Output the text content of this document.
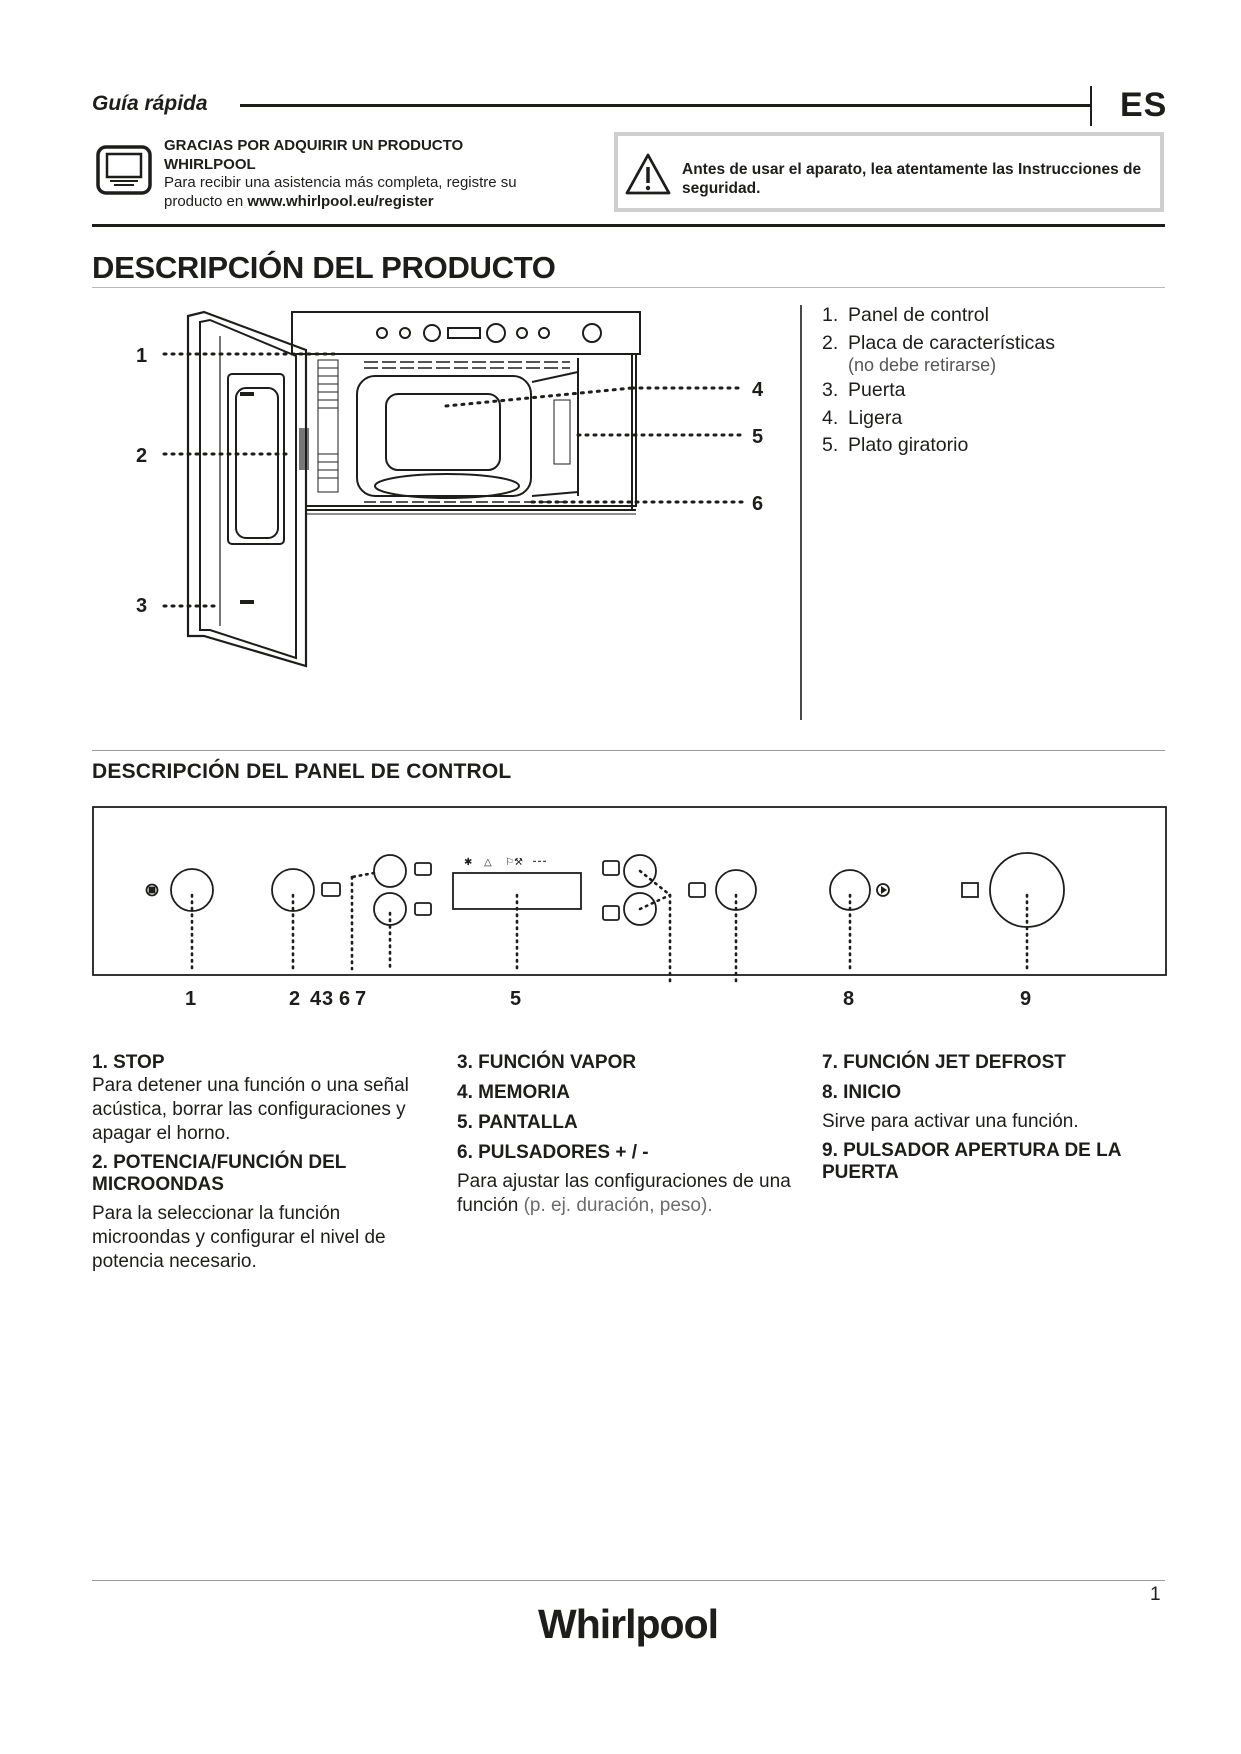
Guía rápida	ES
GRACIAS POR ADQUIRIR UN PRODUCTO WHIRLPOOL
Para recibir una asistencia más completa, registre su producto en www.whirlpool.eu/register
Antes de usar el aparato, lea atentamente las Instrucciones de seguridad.
DESCRIPCIÓN DEL PRODUCTO
1
2
3
4
5
6
1. Panel de control
2. Placa de características
(no debe retirarse)
3. Puerta
4. Ligera
5. Plato giratorio
DESCRIPCIÓN DEL PANEL DE CONTROL
✱ △ ⚐⚒ ⁃⁃⁃
1	2 4 3 6 7	5	8	9

1. STOP

Para detener una función o una señal acústica, borrar las configuraciones y apagar el horno.

2. POTENCIA/FUNCIÓN DEL MICROONDAS

Para la seleccionar la función microondas y configurar el nivel de potencia necesario.

3. FUNCIÓN VAPOR

4. MEMORIA

5. PANTALLA

6. PULSADORES + / -

Para ajustar las configuraciones de una función (p. ej. duración, peso).

7. FUNCIÓN JET DEFROST

8. INICIO

Sirve para activar una función.

9. PULSADOR APERTURA DE LA PUERTA

1
Whirlpool
